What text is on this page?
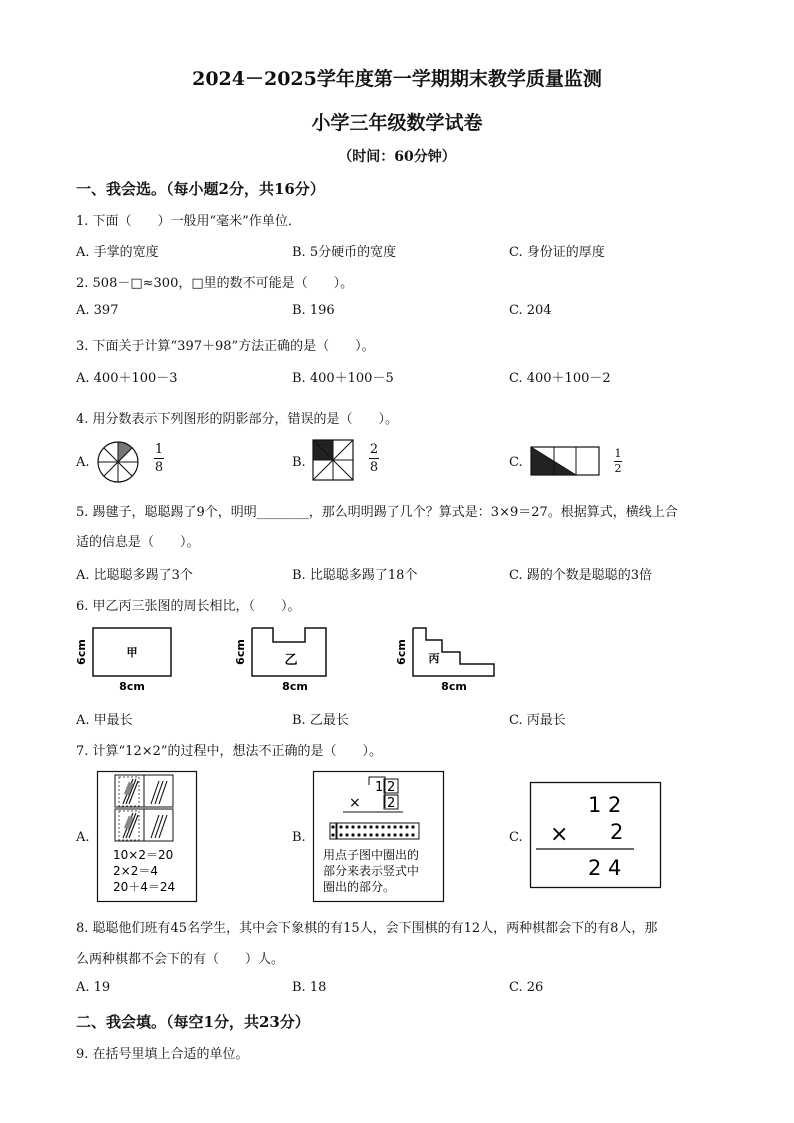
2024－2025学年度第一学期期末教学质量监测
小学三年级数学试卷
（时间：60分钟）
一、我会选。（每小题2分，共16分）
1. 下面（　　）一般用“毫米”作单位．
A. 手掌的宽度	B. 5分硬币的宽度	C. 身份证的厚度
2. 508－□≈300，□里的数不可能是（　　）。
A. 397	B. 196	C. 204
3. 下面关于计算“397＋98”方法正确的是（　　）。
A. 400＋100－3	B. 400＋100－5	C. 400＋100－2
4. 用分数表示下列图形的阴影部分，错误的是（　　）。
A.
1
8	B.
2
8	C.
1
2
5. 踢毽子，聪聪踢了9个，明明________，那么明明踢了几个？算式是：3×9＝27。根据算式，横线上合
适的信息是（　　）。
A. 比聪聪多踢了3个	B. 比聪聪多踢了18个	C. 踢的个数是聪聪的3倍
6. 甲乙丙三张图的周长相比，（　　）。
6cm
8cm
甲	6cm
8cm
乙	6cm
8cm
丙
A. 甲最长	B. 乙最长	C. 丙最长
7. 计算“12×2”的过程中，想法不正确的是（　　）。
A.
10×2＝20
2×2＝4
20＋4＝24
B.
1 2
2
×
用点子图中圈出的
部分来表示竖式中
圈出的部分。
C.
1 2
× 2
2 4
8. 聪聪他们班有45名学生，其中会下象棋的有15人，会下围棋的有12人，两种棋都会下的有8人，那
么两种棋都不会下的有（　　）人。
A. 19	B. 18	C. 26
二、我会填。（每空1分，共23分）
9. 在括号里填上合适的单位。
